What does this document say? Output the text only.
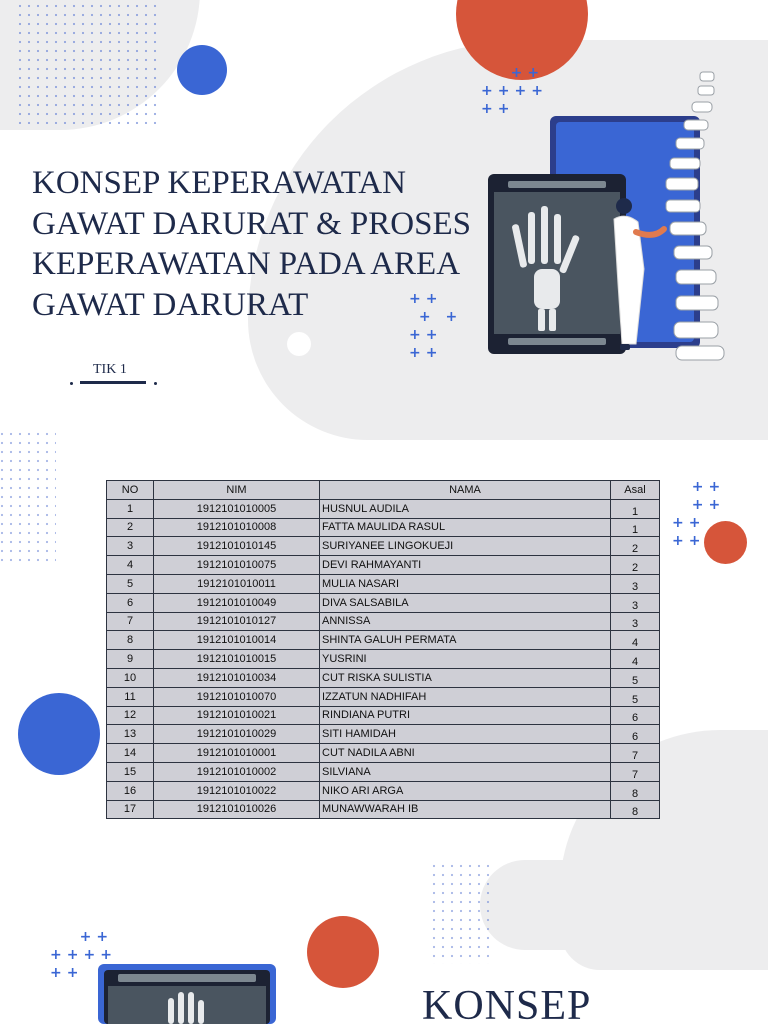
++
++++
++
++
+ +
++
++
++
++
++
++
++
++++
++
KONSEP KEPERAWATAN GAWAT DARURAT & PROSES KEPERAWATAN PADA AREA GAWAT DARURAT
TIK 1
NO	NIM	NAMA	Asal
1	1912101010005	HUSNUL AUDILA	1
2	1912101010008	FATTA MAULIDA RASUL	1
3	1912101010145	SURIYANEE LINGOKUEJI	2
4	1912101010075	DEVI RAHMAYANTI	2
5	1912101010011	MULIA NASARI	3
6	1912101010049	DIVA SALSABILA	3
7	1912101010127	ANNISSA	3
8	1912101010014	SHINTA GALUH PERMATA	4
9	1912101010015	YUSRINI	4
10	1912101010034	CUT RISKA SULISTIA	5
11	1912101010070	IZZATUN NADHIFAH	5
12	1912101010021	RINDIANA PUTRI	6
13	1912101010029	SITI HAMIDAH	6
14	1912101010001	CUT NADILA ABNI	7
15	1912101010002	SILVIANA	7
16	1912101010022	NIKO ARI ARGA	8
17	1912101010026	MUNAWWARAH IB	8
KONSEP
